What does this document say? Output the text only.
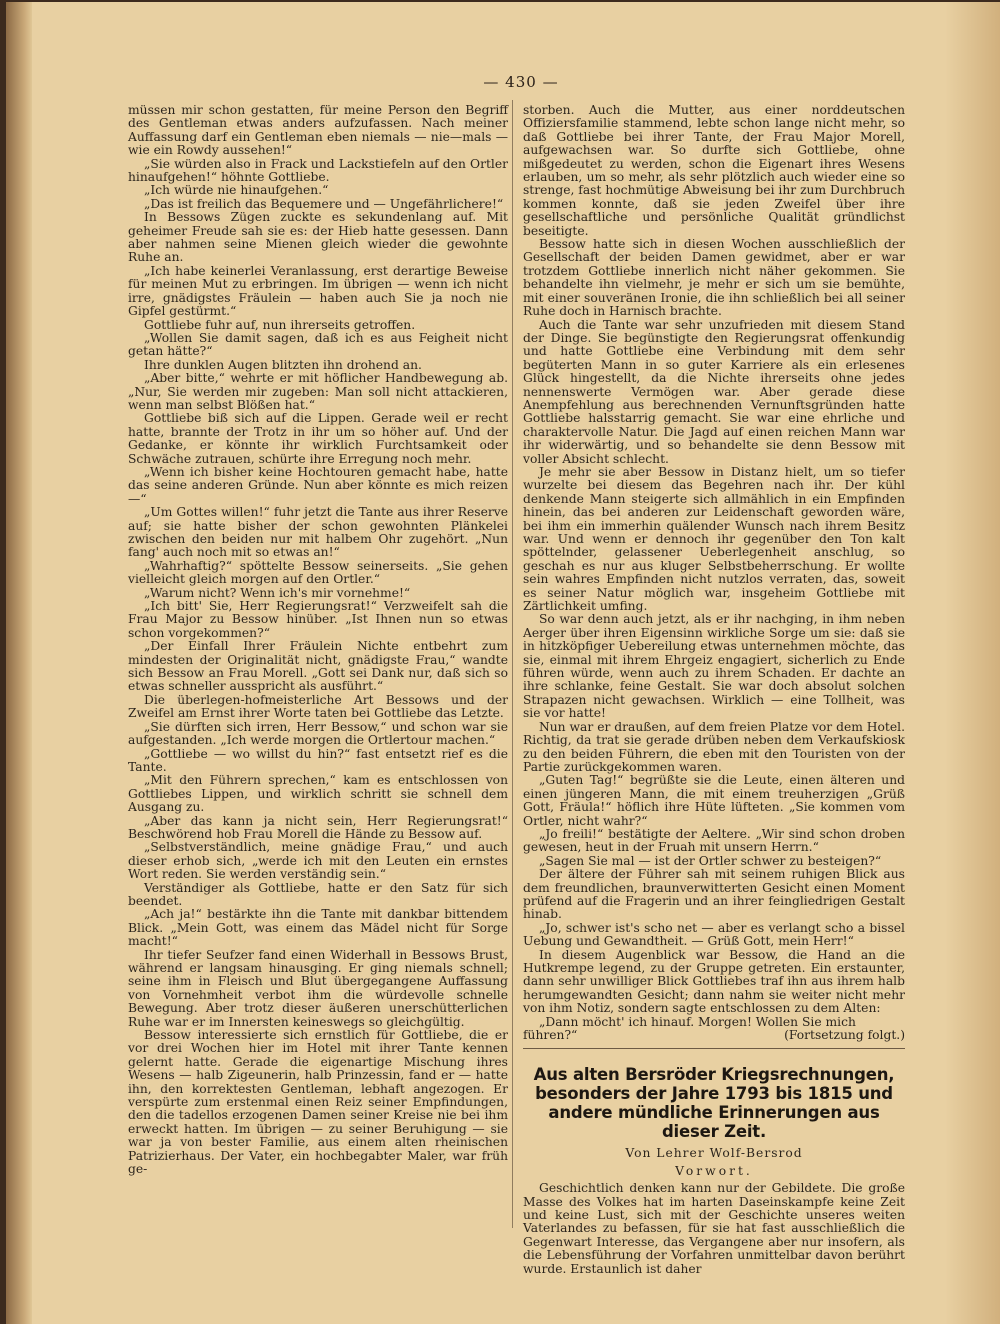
— 430 —

müssen mir schon gestatten, für meine Person den Begriff des Gentleman etwas anders aufzufassen. Nach meiner Auffassung darf ein Gentleman eben niemals — nie—mals — wie ein Rowdy aussehen!“

„Sie würden also in Frack und Lackstiefeln auf den Ortler hinaufgehen!“ höhnte Gottliebe.

„Ich würde nie hinaufgehen.“

„Das ist freilich das Bequemere und — Ungefährlichere!“

In Bessows Zügen zuckte es sekundenlang auf. Mit geheimer Freude sah sie es: der Hieb hatte gesessen. Dann aber nahmen seine Mienen gleich wieder die gewohnte Ruhe an.

„Ich habe keinerlei Veranlassung, erst derartige Beweise für meinen Mut zu erbringen. Im übrigen — wenn ich nicht irre, gnädigstes Fräulein — haben auch Sie ja noch nie Gipfel gestürmt.“

Gottliebe fuhr auf, nun ihrerseits getroffen.

„Wollen Sie damit sagen, daß ich es aus Feigheit nicht getan hätte?“

Ihre dunklen Augen blitzten ihn drohend an.

„Aber bitte,“ wehrte er mit höflicher Handbewegung ab. „Nur, Sie werden mir zugeben: Man soll nicht attackieren, wenn man selbst Blößen hat.“

Gottliebe biß sich auf die Lippen. Gerade weil er recht hatte, brannte der Trotz in ihr um so höher auf. Und der Gedanke, er könnte ihr wirklich Furchtsamkeit oder Schwäche zutrauen, schürte ihre Erregung noch mehr.

„Wenn ich bisher keine Hochtouren gemacht habe, hatte das seine anderen Gründe. Nun aber könnte es mich reizen —“

„Um Gottes willen!“ fuhr jetzt die Tante aus ihrer Reserve auf; sie hatte bisher der schon gewohnten Plänkelei zwischen den beiden nur mit halbem Ohr zugehört. „Nun fang' auch noch mit so etwas an!“

„Wahrhaftig?“ spöttelte Bessow seinerseits. „Sie gehen vielleicht gleich morgen auf den Ortler.“

„Warum nicht? Wenn ich's mir vornehme!“

„Ich bitt' Sie, Herr Regierungsrat!“ Verzweifelt sah die Frau Major zu Bessow hinüber. „Ist Ihnen nun so etwas schon vorgekommen?“

„Der Einfall Ihrer Fräulein Nichte entbehrt zum mindesten der Originalität nicht, gnädigste Frau,“ wandte sich Bessow an Frau Morell. „Gott sei Dank nur, daß sich so etwas schneller ausspricht als ausführt.“

Die überlegen-hofmeisterliche Art Bessows und der Zweifel am Ernst ihrer Worte taten bei Gottliebe das Letzte.

„Sie dürften sich irren, Herr Bessow,“ und schon war sie aufgestanden. „Ich werde morgen die Ortlertour machen.“

„Gottliebe — wo willst du hin?“ fast entsetzt rief es die Tante.

„Mit den Führern sprechen,“ kam es entschlossen von Gottliebes Lippen, und wirklich schritt sie schnell dem Ausgang zu.

„Aber das kann ja nicht sein, Herr Regierungsrat!“ Beschwörend hob Frau Morell die Hände zu Bessow auf.

„Selbstverständlich, meine gnädige Frau,“ und auch dieser erhob sich, „werde ich mit den Leuten ein ernstes Wort reden. Sie werden verständig sein.“

Verständiger als Gottliebe, hatte er den Satz für sich beendet.

„Ach ja!“ bestärkte ihn die Tante mit dankbar bittendem Blick. „Mein Gott, was einem das Mädel nicht für Sorge macht!“

Ihr tiefer Seufzer fand einen Widerhall in Bessows Brust, während er langsam hinausging. Er ging niemals schnell; seine ihm in Fleisch und Blut übergegangene Auffassung von Vornehmheit verbot ihm die würdevolle schnelle Bewegung. Aber trotz dieser äußeren unerschütterlichen Ruhe war er im Innersten keineswegs so gleichgültig.

Bessow interessierte sich ernstlich für Gottliebe, die er vor drei Wochen hier im Hotel mit ihrer Tante kennen gelernt hatte. Gerade die eigenartige Mischung ihres Wesens — halb Zigeunerin, halb Prinzessin, fand er — hatte ihn, den korrektesten Gentleman, lebhaft angezogen. Er verspürte zum erstenmal einen Reiz seiner Empfindungen, den die tadellos erzogenen Damen seiner Kreise nie bei ihm erweckt hatten. Im übrigen — zu seiner Beruhigung — sie war ja von bester Familie, aus einem alten rheinischen Patrizierhaus. Der Vater, ein hochbegabter Maler, war früh ge-

storben. Auch die Mutter, aus einer norddeutschen Offiziersfamilie stammend, lebte schon lange nicht mehr, so daß Gottliebe bei ihrer Tante, der Frau Major Morell, aufgewachsen war. So durfte sich Gottliebe, ohne mißgedeutet zu werden, schon die Eigenart ihres Wesens erlauben, um so mehr, als sehr plötzlich auch wieder eine so strenge, fast hochmütige Abweisung bei ihr zum Durchbruch kommen konnte, daß sie jeden Zweifel über ihre gesellschaftliche und persönliche Qualität gründlichst beseitigte.

Bessow hatte sich in diesen Wochen ausschließlich der Gesellschaft der beiden Damen gewidmet, aber er war trotzdem Gottliebe innerlich nicht näher gekommen. Sie behandelte ihn vielmehr, je mehr er sich um sie bemühte, mit einer souveränen Ironie, die ihn schließlich bei all seiner Ruhe doch in Harnisch brachte.

Auch die Tante war sehr unzufrieden mit diesem Stand der Dinge. Sie begünstigte den Regierungsrat offenkundig und hatte Gottliebe eine Verbindung mit dem sehr begüterten Mann in so guter Karriere als ein erlesenes Glück hingestellt, da die Nichte ihrerseits ohne jedes nennenswerte Vermögen war. Aber gerade diese Anempfehlung aus berechnenden Vernunftsgründen hatte Gottliebe halsstarrig gemacht. Sie war eine ehrliche und charaktervolle Natur. Die Jagd auf einen reichen Mann war ihr widerwärtig, und so behandelte sie denn Bessow mit voller Absicht schlecht.

Je mehr sie aber Bessow in Distanz hielt, um so tiefer wurzelte bei diesem das Begehren nach ihr. Der kühl denkende Mann steigerte sich allmählich in ein Empfinden hinein, das bei anderen zur Leidenschaft geworden wäre, bei ihm ein immerhin quälender Wunsch nach ihrem Besitz war. Und wenn er dennoch ihr gegenüber den Ton kalt spöttelnder, gelassener Ueberlegenheit anschlug, so geschah es nur aus kluger Selbstbeherrschung. Er wollte sein wahres Empfinden nicht nutzlos verraten, das, soweit es seiner Natur möglich war, insgeheim Gottliebe mit Zärtlichkeit umfing.

So war denn auch jetzt, als er ihr nachging, in ihm neben Aerger über ihren Eigensinn wirkliche Sorge um sie: daß sie in hitzköpfiger Uebereilung etwas unternehmen möchte, das sie, einmal mit ihrem Ehrgeiz engagiert, sicherlich zu Ende führen würde, wenn auch zu ihrem Schaden. Er dachte an ihre schlanke, feine Gestalt. Sie war doch absolut solchen Strapazen nicht gewachsen. Wirklich — eine Tollheit, was sie vor hatte!

Nun war er draußen, auf dem freien Platze vor dem Hotel. Richtig, da trat sie gerade drüben neben dem Verkaufskiosk zu den beiden Führern, die eben mit den Touristen von der Partie zurückgekommen waren.

„Guten Tag!“ begrüßte sie die Leute, einen älteren und einen jüngeren Mann, die mit einem treuherzigen „Grüß Gott, Fräula!“ höflich ihre Hüte lüfteten. „Sie kommen vom Ortler, nicht wahr?“

„Jo freili!“ bestätigte der Aeltere. „Wir sind schon droben gewesen, heut in der Fruah mit unsern Herrn.“

„Sagen Sie mal — ist der Ortler schwer zu besteigen?“

Der ältere der Führer sah mit seinem ruhigen Blick aus dem freundlichen, braunverwitterten Gesicht einen Moment prüfend auf die Fragerin und an ihrer feingliedrigen Gestalt hinab.

„Jo, schwer ist's scho net — aber es verlangt scho a bissel Uebung und Gewandtheit. — Grüß Gott, mein Herr!“

In diesem Augenblick war Bessow, die Hand an die Hutkrempe legend, zu der Gruppe getreten. Ein erstaunter, dann sehr unwilliger Blick Gottliebes traf ihn aus ihrem halb herumgewandten Gesicht; dann nahm sie weiter nicht mehr von ihm Notiz, sondern sagte entschlossen zu dem Alten:

„Dann möcht' ich hinauf. Morgen! Wollen Sie mich

führen?“	(Fortsetzung folgt.)
Aus alten Bersröder Kriegsrechnungen, besonders der Jahre 1793 bis 1815 und andere mündliche Erinnerungen aus dieser Zeit.
Von Lehrer Wolf-Bersrod
Vorwort.

Geschichtlich denken kann nur der Gebildete. Die große Masse des Volkes hat im harten Daseinskampfe keine Zeit und keine Lust, sich mit der Geschichte unseres weiten Vaterlandes zu befassen, für sie hat fast ausschließlich die Gegenwart Interesse, das Vergangene aber nur insofern, als die Lebensführung der Vorfahren unmittelbar davon berührt wurde. Erstaunlich ist daher
